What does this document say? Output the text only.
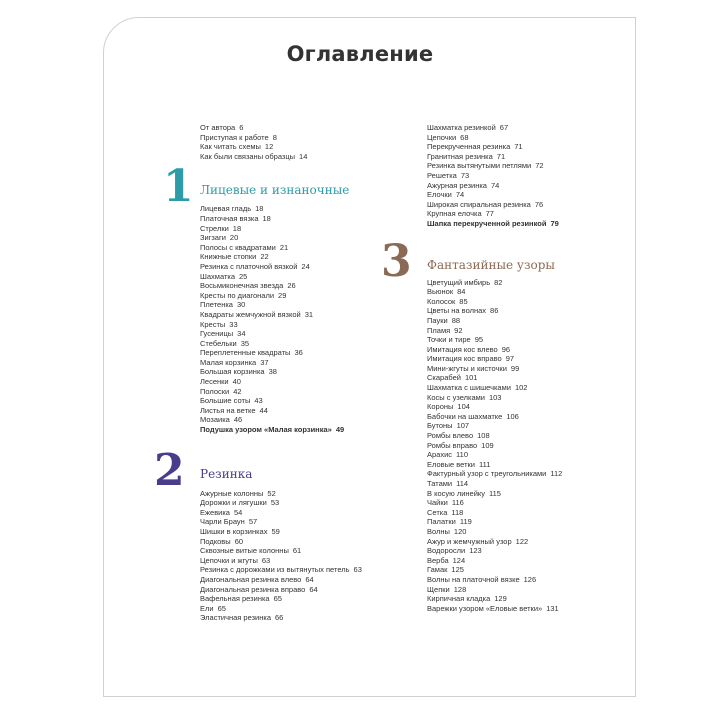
Оглавление
От автора 6
Приступая к работе 8
Как читать схемы 12
Как были связаны образцы 14
1 Лицевые и изнаночные
Лицевая гладь 18
Платочная вязка 18
Стрелки 18
Зигзаги 20
Полосы с квадратами 21
Книжные стопки 22
Резинка с платочной вязкой 24
Шахматка 25
Восьмиконечная звезда 26
Кресты по диагонали 29
Плетенка 30
Квадраты жемчужной вязкой 31
Кресты 33
Гусеницы 34
Стебельки 35
Переплетенные квадраты 36
Малая корзинка 37
Большая корзинка 38
Лесенки 40
Полоски 42
Большие соты 43
Листья на ветке 44
Мозаика 46
Подушка узором «Малая корзинка» 49
2 Резинка
Ажурные колонны 52
Дорожки и лягушки 53
Ежевика 54
Чарли Браун 57
Шишки в корзинках 59
Подковы 60
Сквозные витые колонны 61
Цепочки и жгуты 63
Резинка с дорожками из вытянутых петель 63
Диагональная резинка влево 64
Диагональная резинка вправо 64
Вафельная резинка 65
Ели 65
Эластичная резинка 66
Шахматка резинкой 67
Цепочки 68
Перекрученная резинка 71
Гранитная резинка 71
Резинка вытянутыми петлями 72
Решетка 73
Ажурная резинка 74
Елочки 74
Широкая спиральная резинка 76
Крупная елочка 77
Шапка перекрученной резинкой 79
3 Фантазийные узоры
Цветущий имбирь 82
Вьюнок 84
Колосок 85
Цветы на волнах 86
Пауки 88
Пламя 92
Точки и тире 95
Имитация кос влево 96
Имитация кос вправо 97
Мини-жгуты и кисточки 99
Скарабей 101
Шахматка с шишечками 102
Косы с узелками 103
Короны 104
Бабочки на шахматке 106
Бутоны 107
Ромбы влево 108
Ромбы вправо 109
Арахис 110
Еловые ветки 111
Фактурный узор с треугольниками 112
Татами 114
В косую линейку 115
Чайки 116
Сетка 118
Палатки 119
Волны 120
Ажур и жемчужный узор 122
Водоросли 123
Верба 124
Гамак 125
Волны на платочной вязке 126
Щепки 128
Кирпичная кладка 129
Варежки узором «Еловые ветки» 131
